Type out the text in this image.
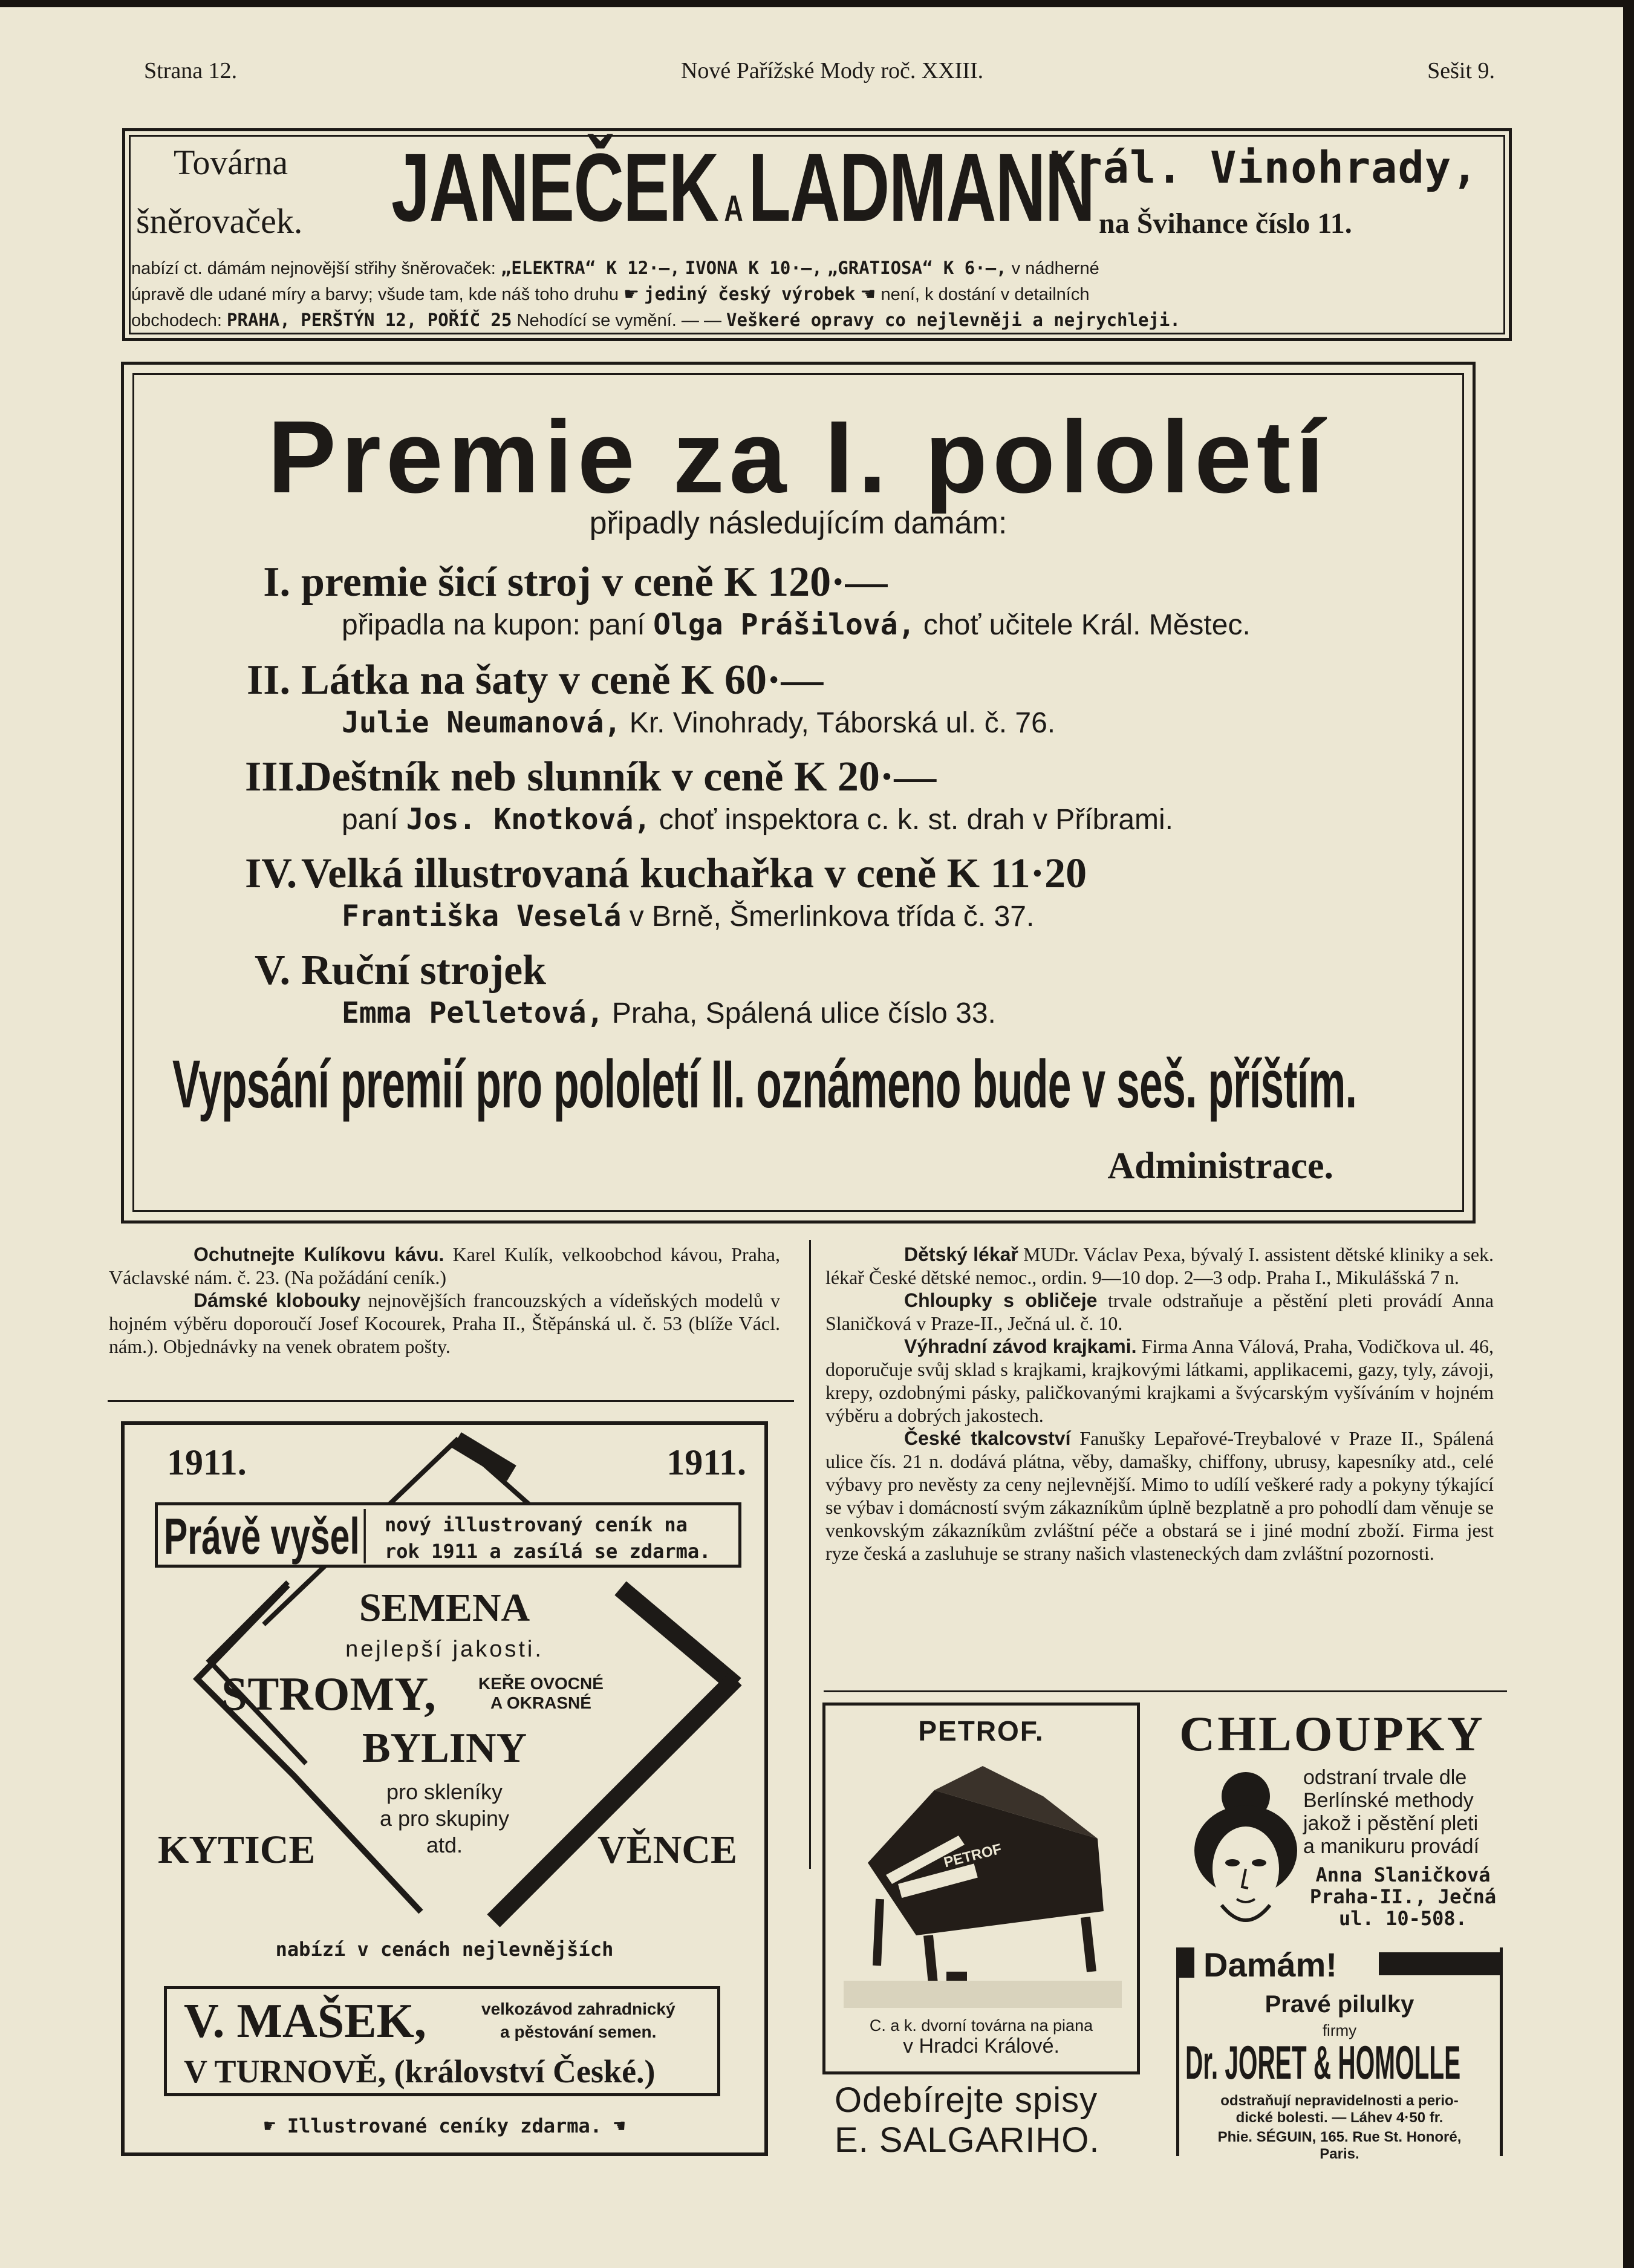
Strana 12.	Nové Pařížské Mody roč. XXIII.	Sešit 9.
Továrna
šněrovaček. JANEČEK ALADMANN
Král. Vinohrady,
na Švihance číslo 11.
nabízí ct. dámám nejnovější střihy šněrovaček: „ELEKTRA“ K 12·—, IVONA K 10·—, „GRATIOSA“ K 6·—, v nádherné
úpravě dle udané míry a barvy; všude tam, kde náš toho druhu ☛ jediný český výrobek ☚ není, k dostání v detailních
obchodech: PRAHA, PERŠTÝN 12, POŘÍČ 25 Nehodící se vymění. — — Veškeré opravy co nejlevněji a nejrychleji.
Premie za I. pololetí
připadly následujícím damám:
I. premie šicí stroj v ceně K 120·—
připadla na kupon: paní Olga Prášilová, choť učitele Král. Městec.
II. Látka na šaty v ceně K 60·—
Julie Neumanová, Kr. Vinohrady, Táborská ul. č. 76.
III.Deštník neb slunník v ceně K 20·—
paní Jos. Knotková, choť inspektora c. k. st. drah v Příbrami.
IV.Velká illustrovaná kuchařka v ceně K 11·20
Františka Veselá v Brně, Šmerlinkova třída č. 37.
V. Ruční strojek
Emma Pelletová, Praha, Spálená ulice číslo 33.
Vypsání premií pro pololetí II. oznámeno bude v seš. příštím.
Administrace.

Ochutnejte Kulíkovu kávu. Karel Kulík, velkoobchod kávou, Praha, Václavské nám. č. 23. (Na požádání ceník.)

Dámské klobouky nejnovějších francouzských a vídeňských modelů v hojném výběru doporoučí Josef Kocourek, Praha II., Štěpánská ul. č. 53 (blíže Václ. nám.). Objednávky na venek obratem pošty.

1911.	1911.
Právě vyšel	nový illustrovaný ceník na
rok 1911 a zasílá se zdarma.
SEMENA
nejlepší jakosti.
STROMY,	KEŘE OVOCNÉ
A OKRASNÉ
BYLINY
pro skleníky
a pro skupiny
atd.
KYTICE	VĚNCE
nabízí v cenách nejlevnějších
V. MAŠEK,	velkozávod zahradnický
a pěstování semen.
V TURNOVĚ, (království České.)
☛ Illustrované ceníky zdarma. ☚

Dětský lékař MUDr. Václav Pexa, bývalý I. assistent dětské kliniky a sek. lékař České dětské nemoc., ordin. 9—10 dop. 2—3 odp. Praha I., Mikulášská 7 n.

Chloupky s obličeje trvale odstraňuje a pěstění pleti provádí Anna Slaničková v Praze-II., Ječná ul. č. 10.

Výhradní závod krajkami. Firma Anna Válová, Praha, Vodičkova ul. 46, doporučuje svůj sklad s krajkami, krajkovými látkami, applikacemi, gazy, tyly, závoji, krepy, ozdobnými pásky, paličkovanými krajkami a švýcarským vyšíváním v hojném výběru a dobrých jakostech.

České tkalcovství Fanušky Lepařové-Treybalové v Praze II., Spálená ulice čís. 21 n. dodává plátna, věby, damašky, chiffony, ubrusy, kapesníky atd., celé výbavy pro nevěsty za ceny nejlevnější. Mimo to udílí veškeré rady a pokyny týkající se výbav i domácností svým zákazníkům úplně bezplatně a pro pohodlí dam věnuje se venkovským zákazníkům zvláštní péče a obstará se i jiné modní zboží. Firma jest ryze česká a zasluhuje se strany našich vlasteneckých dam zvláštní pozornosti.

PETROF.
PETROF
C. a k. dvorní továrna na piana
v Hradci Králové.
Odebírejte spisy
E. SALGARIHO.
CHLOUPKY
odstraní trvale dle
Berlínské methody
jakož i pěstění pleti
a manikuru provádí
Anna Slaničková
Praha-II., Ječná
ul. 10-508.
Damám!
Pravé pilulky
firmy
Dr. JORET & HOMOLLE
odstraňují nepravidelnosti a perio-
dické bolesti. — Láhev 4·50 fr.
Phie. SÉGUIN, 165. Rue St. Honoré,
Paris.
